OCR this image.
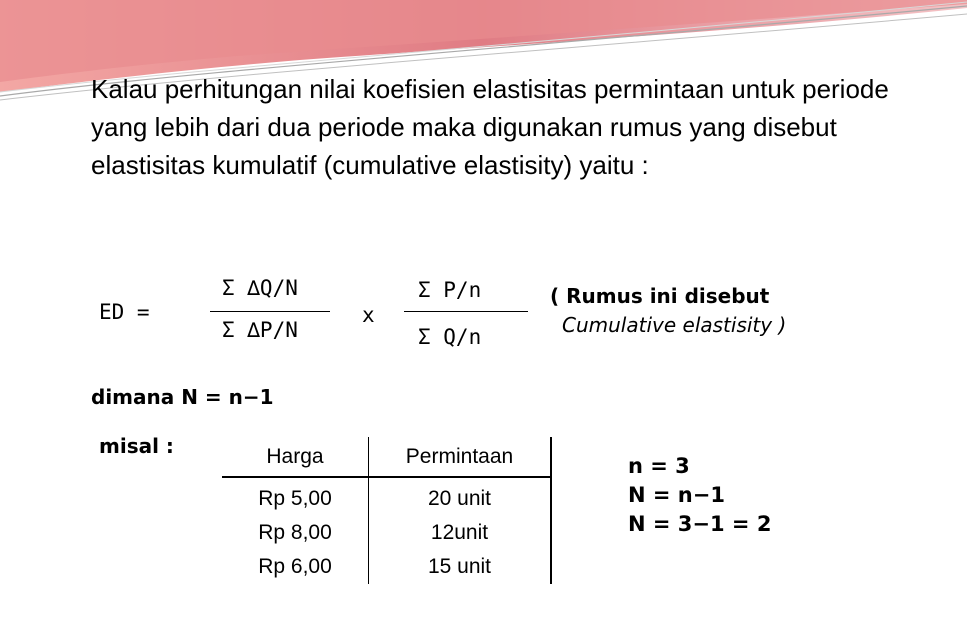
Kalau perhitungan nilai koefisien elastisitas permintaan untuk periode yang lebih dari dua periode maka digunakan rumus yang disebut elastisitas kumulatif (cumulative elastisity) yaitu :

ED =
Σ ∆Q/N
Σ ∆P/N
x
Σ P/n
Σ Q/n
( Rumus ini disebut
Cumulative elastisity )
dimana N = n−1
misal :	Harga	Permintaan
Rp 5,00	20 unit
Rp 8,00	12unit
Rp 6,00	15 unit
n = 3
N = n−1
N = 3−1 = 2
